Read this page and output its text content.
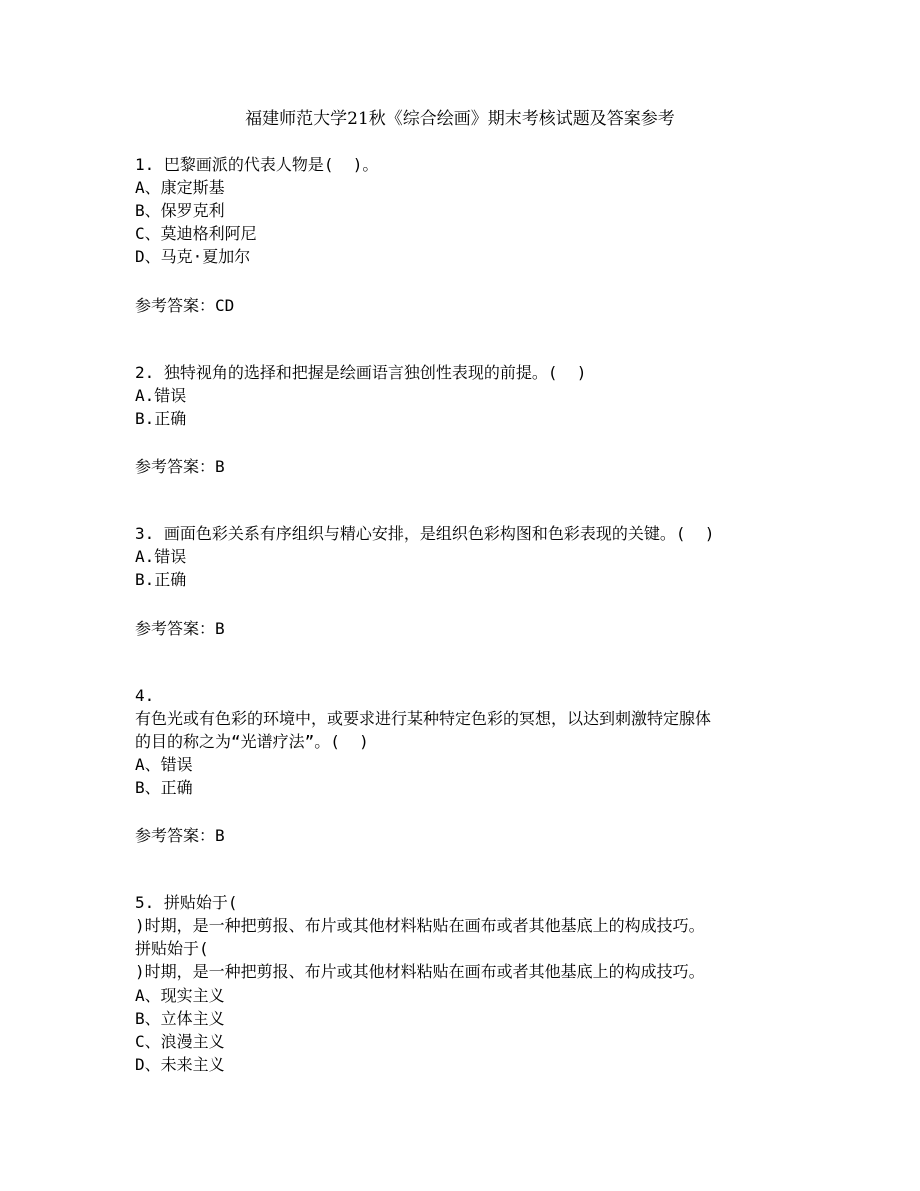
福建师范大学21秋《综合绘画》期末考核试题及答案参考

1. 巴黎画派的代表人物是(  )。

A、康定斯基

B、保罗克利

C、莫迪格利阿尼

D、马克·夏加尔

参考答案：CD

2. 独特视角的选择和把握是绘画语言独创性表现的前提。(  )

A.错误

B.正确

参考答案：B

3. 画面色彩关系有序组织与精心安排，是组织色彩构图和色彩表现的关键。(  )

A.错误

B.正确

参考答案：B

4.

有色光或有色彩的环境中，或要求进行某种特定色彩的冥想，以达到刺激特定腺体

的目的称之为“光谱疗法”。(  )

A、错误

B、正确

参考答案：B

5. 拼贴始于(

)时期，是一种把剪报、布片或其他材料粘贴在画布或者其他基底上的构成技巧。

拼贴始于(

)时期，是一种把剪报、布片或其他材料粘贴在画布或者其他基底上的构成技巧。

A、现实主义

B、立体主义

C、浪漫主义

D、未来主义
